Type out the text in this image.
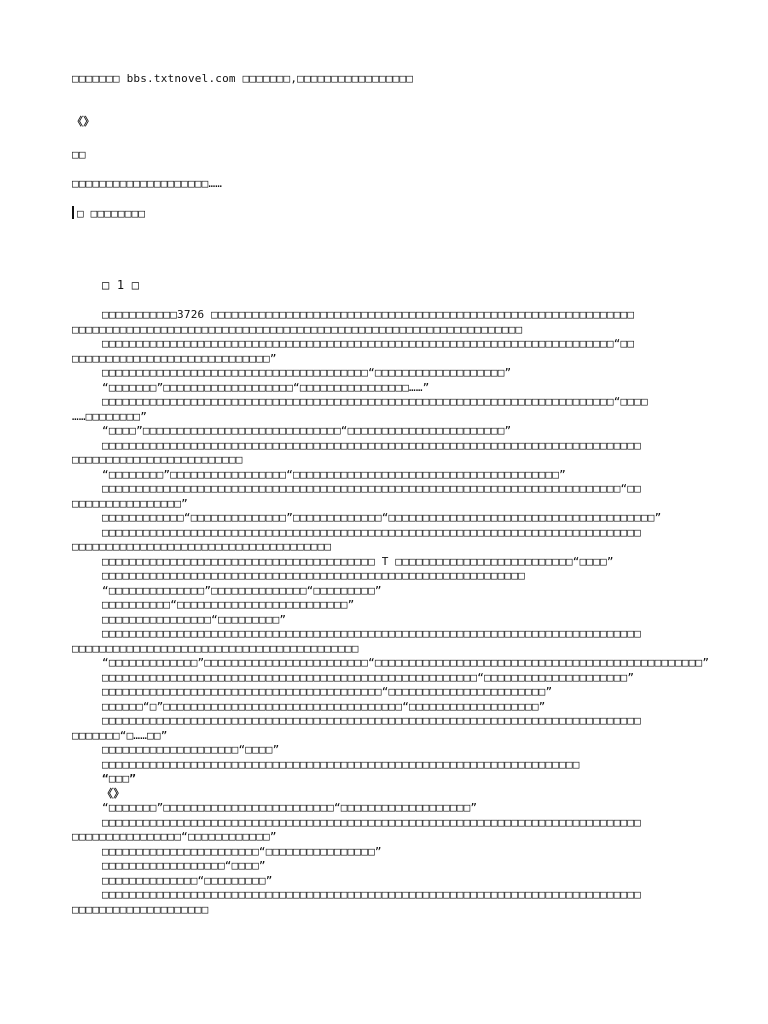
□□□□□□□ bbs.txtnovel.com □□□□□□□,□□□□□□□□□□□□□□□□□
《》
□□
□□□□□□□□□□□□□□□□□□□□……
□ □□□□□□□□
□ 1 □
□□□□□□□□□□□3726 □□□□□□□□□□□□□□□□□□□□□□□□□□□□□□□□□□□□□□□□□□□□□□□□□□□□□□□□□□□□□□
□□□□□□□□□□□□□□□□□□□□□□□□□□□□□□□□□□□□□□□□□□□□□□□□□□□□□□□□□□□□□□□□□□
□□□□□□□□□□□□□□□□□□□□□□□□□□□□□□□□□□□□□□□□□□□□□□□□□□□□□□□□□□□□□□□□□□□□□□□□□□□“□□
□□□□□□□□□□□□□□□□□□□□□□□□□□□□□”
□□□□□□□□□□□□□□□□□□□□□□□□□□□□□□□□□□□□□□□“□□□□□□□□□□□□□□□□□□□”
“□□□□□□□”□□□□□□□□□□□□□□□□□□□“□□□□□□□□□□□□□□□□……”
□□□□□□□□□□□□□□□□□□□□□□□□□□□□□□□□□□□□□□□□□□□□□□□□□□□□□□□□□□□□□□□□□□□□□□□□□□□“□□□□
……□□□□□□□□”
“□□□□”□□□□□□□□□□□□□□□□□□□□□□□□□□□□□“□□□□□□□□□□□□□□□□□□□□□□□”
□□□□□□□□□□□□□□□□□□□□□□□□□□□□□□□□□□□□□□□□□□□□□□□□□□□□□□□□□□□□□□□□□□□□□□□□□□□□□□□
□□□□□□□□□□□□□□□□□□□□□□□□□
“□□□□□□□□”□□□□□□□□□□□□□□□□□“□□□□□□□□□□□□□□□□□□□□□□□□□□□□□□□□□□□□□□□”
□□□□□□□□□□□□□□□□□□□□□□□□□□□□□□□□□□□□□□□□□□□□□□□□□□□□□□□□□□□□□□□□□□□□□□□□□□□□“□□
□□□□□□□□□□□□□□□□”
□□□□□□□□□□□□“□□□□□□□□□□□□□□”□□□□□□□□□□□□□“□□□□□□□□□□□□□□□□□□□□□□□□□□□□□□□□□□□□□□□”
□□□□□□□□□□□□□□□□□□□□□□□□□□□□□□□□□□□□□□□□□□□□□□□□□□□□□□□□□□□□□□□□□□□□□□□□□□□□□□□
□□□□□□□□□□□□□□□□□□□□□□□□□□□□□□□□□□□□□□
□□□□□□□□□□□□□□□□□□□□□□□□□□□□□□□□□□□□□□□□ T □□□□□□□□□□□□□□□□□□□□□□□□□□“□□□□”
□□□□□□□□□□□□□□□□□□□□□□□□□□□□□□□□□□□□□□□□□□□□□□□□□□□□□□□□□□□□□□
“□□□□□□□□□□□□□□”□□□□□□□□□□□□□□“□□□□□□□□□”
□□□□□□□□□□“□□□□□□□□□□□□□□□□□□□□□□□□□”
□□□□□□□□□□□□□□□□“□□□□□□□□□”
□□□□□□□□□□□□□□□□□□□□□□□□□□□□□□□□□□□□□□□□□□□□□□□□□□□□□□□□□□□□□□□□□□□□□□□□□□□□□□□
□□□□□□□□□□□□□□□□□□□□□□□□□□□□□□□□□□□□□□□□□□
“□□□□□□□□□□□□□”□□□□□□□□□□□□□□□□□□□□□□□□“□□□□□□□□□□□□□□□□□□□□□□□□□□□□□□□□□□□□□□□□□□□□□□□□”
□□□□□□□□□□□□□□□□□□□□□□□□□□□□□□□□□□□□□□□□□□□□□□□□□□□□□□□“□□□□□□□□□□□□□□□□□□□□□”
□□□□□□□□□□□□□□□□□□□□□□□□□□□□□□□□□□□□□□□□□“□□□□□□□□□□□□□□□□□□□□□□□”
□□□□□□“□”□□□□□□□□□□□□□□□□□□□□□□□□□□□□□□□□□□□“□□□□□□□□□□□□□□□□□□□”
□□□□□□□□□□□□□□□□□□□□□□□□□□□□□□□□□□□□□□□□□□□□□□□□□□□□□□□□□□□□□□□□□□□□□□□□□□□□□□□
□□□□□□□“□……□□”
□□□□□□□□□□□□□□□□□□□□“□□□□”
□□□□□□□□□□□□□□□□□□□□□□□□□□□□□□□□□□□□□□□□□□□□□□□□□□□□□□□□□□□□□□□□□□□□□□
“□□□”
《》
“□□□□□□□”□□□□□□□□□□□□□□□□□□□□□□□□□“□□□□□□□□□□□□□□□□□□□”
□□□□□□□□□□□□□□□□□□□□□□□□□□□□□□□□□□□□□□□□□□□□□□□□□□□□□□□□□□□□□□□□□□□□□□□□□□□□□□□
□□□□□□□□□□□□□□□□“□□□□□□□□□□□□”
□□□□□□□□□□□□□□□□□□□□□□□“□□□□□□□□□□□□□□□□”
□□□□□□□□□□□□□□□□□□“□□□□”
□□□□□□□□□□□□□□“□□□□□□□□□”
□□□□□□□□□□□□□□□□□□□□□□□□□□□□□□□□□□□□□□□□□□□□□□□□□□□□□□□□□□□□□□□□□□□□□□□□□□□□□□□
□□□□□□□□□□□□□□□□□□□□
